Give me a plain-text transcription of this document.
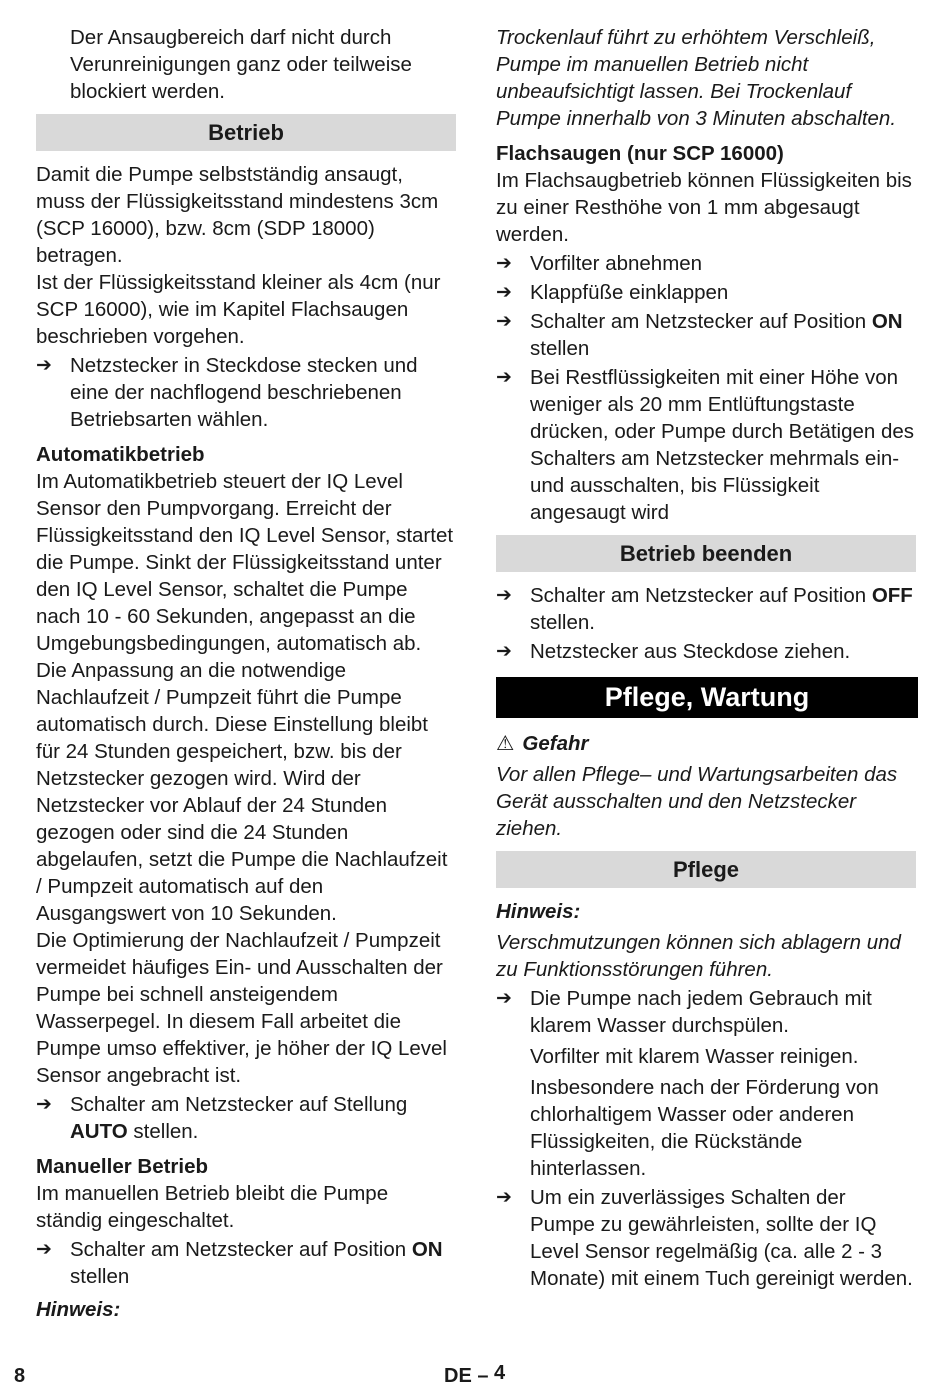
Der Ansaugbereich darf nicht durch Verunreinigungen ganz oder teilweise blockiert werden.

Betrieb

Damit die Pumpe selbstständig ansaugt, muss der Flüssigkeitsstand mindestens 3cm (SCP 16000), bzw. 8cm (SDP 18000) betragen.

Ist der Flüssigkeitsstand kleiner als 4cm (nur SCP 16000), wie im Kapitel Flachsaugen beschrieben vorgehen.

➔ Netzstecker in Steckdose stecken und eine der nachflogend beschriebenen Betriebsarten wählen.
Automatikbetrieb

Im Automatikbetrieb steuert der IQ Level Sensor den Pumpvorgang. Erreicht der Flüssigkeitsstand den IQ Level Sensor, startet die Pumpe. Sinkt der Flüssigkeitsstand unter den IQ Level Sensor, schaltet die Pumpe nach 10 - 60 Sekunden, angepasst an die Umgebungsbedingungen, automatisch ab. Die Anpassung an die notwendige Nachlaufzeit / Pumpzeit führt die Pumpe automatisch durch. Diese Einstellung bleibt für 24 Stunden gespeichert, bzw. bis der Netzstecker gezogen wird. Wird der Netzstecker vor Ablauf der 24 Stunden gezogen oder sind die 24 Stunden abgelaufen, setzt die Pumpe die Nachlaufzeit / Pumpzeit automatisch auf den Ausgangswert von 10 Sekunden.

Die Optimierung der Nachlaufzeit / Pumpzeit vermeidet häufiges Ein- und Ausschalten der Pumpe bei schnell ansteigendem Wasserpegel. In diesem Fall arbeitet die Pumpe umso effektiver, je höher der IQ Level Sensor angebracht ist.

➔ Schalter am Netzstecker auf Stellung AUTO stellen.
Manueller Betrieb

Im manuellen Betrieb bleibt die Pumpe ständig eingeschaltet.

➔ Schalter am Netzstecker auf Position ON stellen
Hinweis:

Trockenlauf führt zu erhöhtem Verschleiß, Pumpe im manuellen Betrieb nicht unbeaufsichtigt lassen. Bei Trockenlauf Pumpe innerhalb von 3 Minuten abschalten.

Flachsaugen (nur SCP 16000)

Im Flachsaugbetrieb können Flüssigkeiten bis zu einer Resthöhe von 1 mm abgesaugt werden.

➔ Vorfilter abnehmen
➔ Klappfüße einklappen
➔ Schalter am Netzstecker auf Position ON stellen
➔ Bei Restflüssigkeiten mit einer Höhe von weniger als 20 mm Entlüftungstaste drücken, oder Pumpe durch Betätigen des Schalters am Netzstecker mehrmals ein- und ausschalten, bis Flüssigkeit angesaugt wird
Betrieb beenden
➔ Schalter am Netzstecker auf Position OFF stellen.
➔ Netzstecker aus Steckdose ziehen.
Pflege, Wartung
⚠ Gefahr

Vor allen Pflege– und Wartungsarbeiten das Gerät ausschalten und den Netzstecker ziehen.

Pflege
Hinweis:

Verschmutzungen können sich ablagern und zu Funktionsstörungen führen.

➔ Die Pumpe nach jedem Gebrauch mit klarem Wasser durchspülen.

Vorfilter mit klarem Wasser reinigen.

Insbesondere nach der Förderung von chlorhaltigem Wasser oder anderen Flüssigkeiten, die Rückstände hinterlassen.

➔ Um ein zuverlässiges Schalten der Pumpe zu gewährleisten, sollte der IQ Level Sensor regelmäßig (ca. alle 2 - 3 Monate) mit einem Tuch gereinigt werden.
8	DE – 4
